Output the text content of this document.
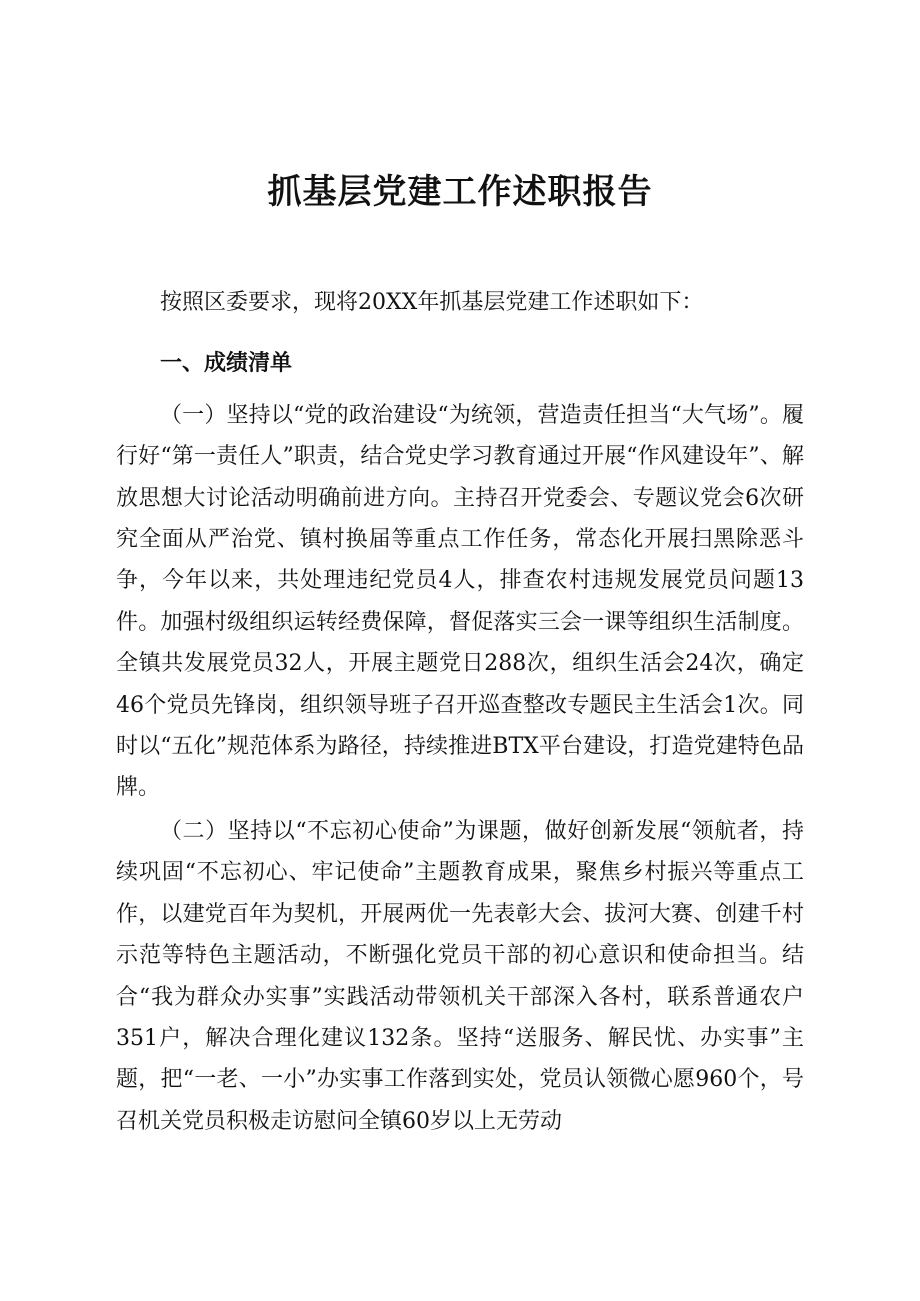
抓基层党建工作述职报告

按照区委要求，现将20XX年抓基层党建工作述职如下：

一、成绩清单

（一）坚持以“党的政治建设“为统领，营造责任担当“大气场”。履行好“第一责任人”职责，结合党史学习教育通过开展“作风建设年”、解放思想大讨论活动明确前进方向。主持召开党委会、专题议党会6次研究全面从严治党、镇村换届等重点工作任务，常态化开展扫黑除恶斗争，今年以来，共处理违纪党员4人，排查农村违规发展党员问题13件。加强村级组织运转经费保障，督促落实三会一课等组织生活制度。全镇共发展党员32人，开展主题党日288次，组织生活会24次，确定46个党员先锋岗，组织领导班子召开巡查整改专题民主生活会1次。同时以“五化”规范体系为路径，持续推进BTX平台建设，打造党建特色品牌。

（二）坚持以“不忘初心使命”为课题，做好创新发展“领航者，持续巩固“不忘初心、牢记使命”主题教育成果，聚焦乡村振兴等重点工作，以建党百年为契机，开展两优一先表彰大会、拔河大赛、创建千村示范等特色主题活动，不断强化党员干部的初心意识和使命担当。结合“我为群众办实事”实践活动带领机关干部深入各村，联系普通农户351户，解决合理化建议132条。坚持“送服务、解民忧、办实事”主题，把“一老、一小”办实事工作落到实处，党员认领微心愿960个，号召机关党员积极走访慰问全镇60岁以上无劳动
